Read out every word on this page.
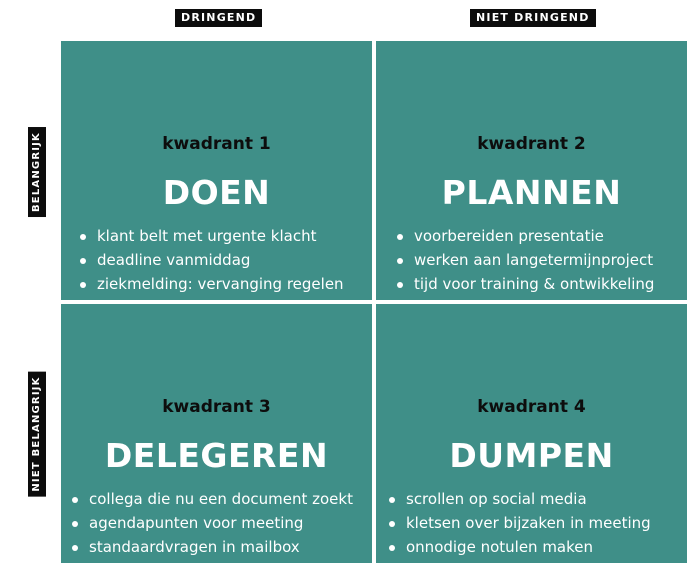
DRINGEND	NIET DRINGEND
BELANGRIJK
NIET BELANGRIJK
kwadrant 1
DOEN
klant belt met urgente klacht
deadline vanmiddag
ziekmelding: vervanging regelen
kwadrant 2
PLANNEN
voorbereiden presentatie
werken aan langetermijnproject
tijd voor training & ontwikkeling
kwadrant 3
DELEGEREN
collega die nu een document zoekt
agendapunten voor meeting
standaardvragen in mailbox
kwadrant 4
DUMPEN
scrollen op social media
kletsen over bijzaken in meeting
onnodige notulen maken
